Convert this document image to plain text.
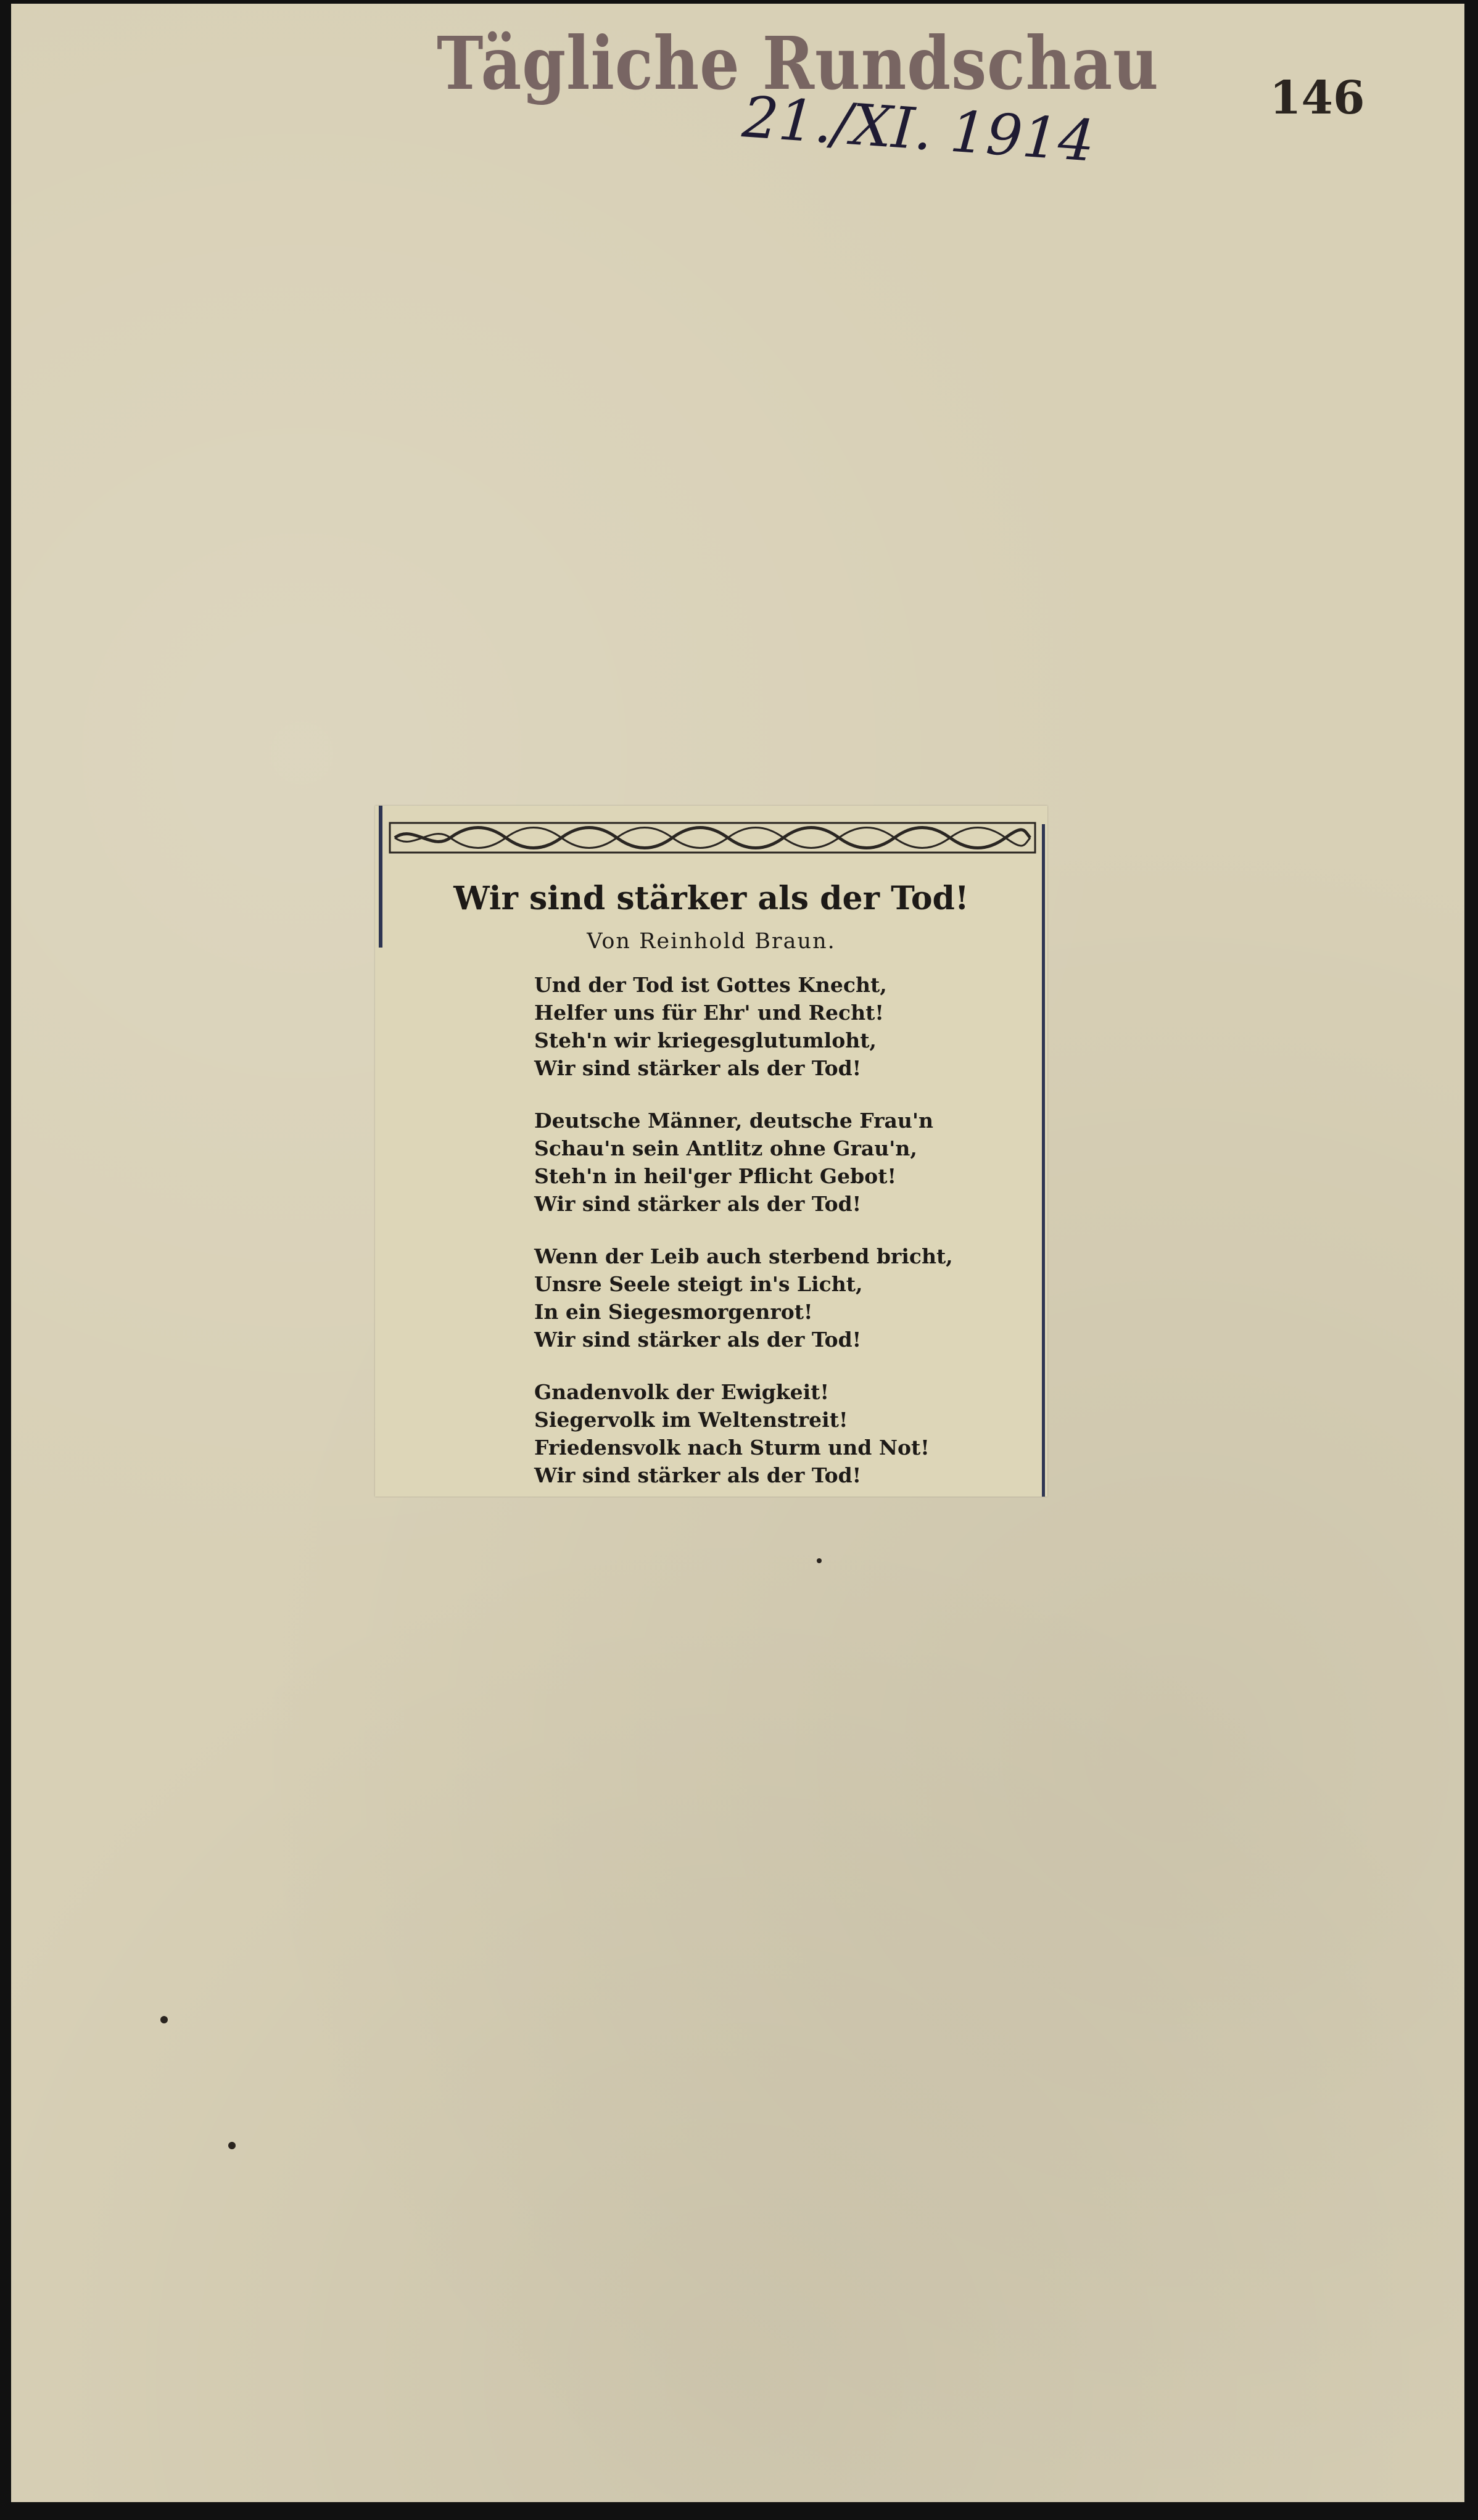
Tägliche Rundschau 146
21./XI. 1914
Wir sind stärker als der Tod!
Von Reinhold Braun.
Und der Tod ist Gottes Knecht,
Helfer uns für Ehr' und Recht!
Steh'n wir kriegesglutumloht,
Wir sind stärker als der Tod!
Deutsche Männer, deutsche Frau'n
Schau'n sein Antlitz ohne Grau'n,
Steh'n in heil'ger Pflicht Gebot!
Wir sind stärker als der Tod!
Wenn der Leib auch sterbend bricht,
Unsre Seele steigt in's Licht,
In ein Siegesmorgenrot!
Wir sind stärker als der Tod!
Gnadenvolk der Ewigkeit!
Siegervolk im Weltenstreit!
Friedensvolk nach Sturm und Not!
Wir sind stärker als der Tod!
